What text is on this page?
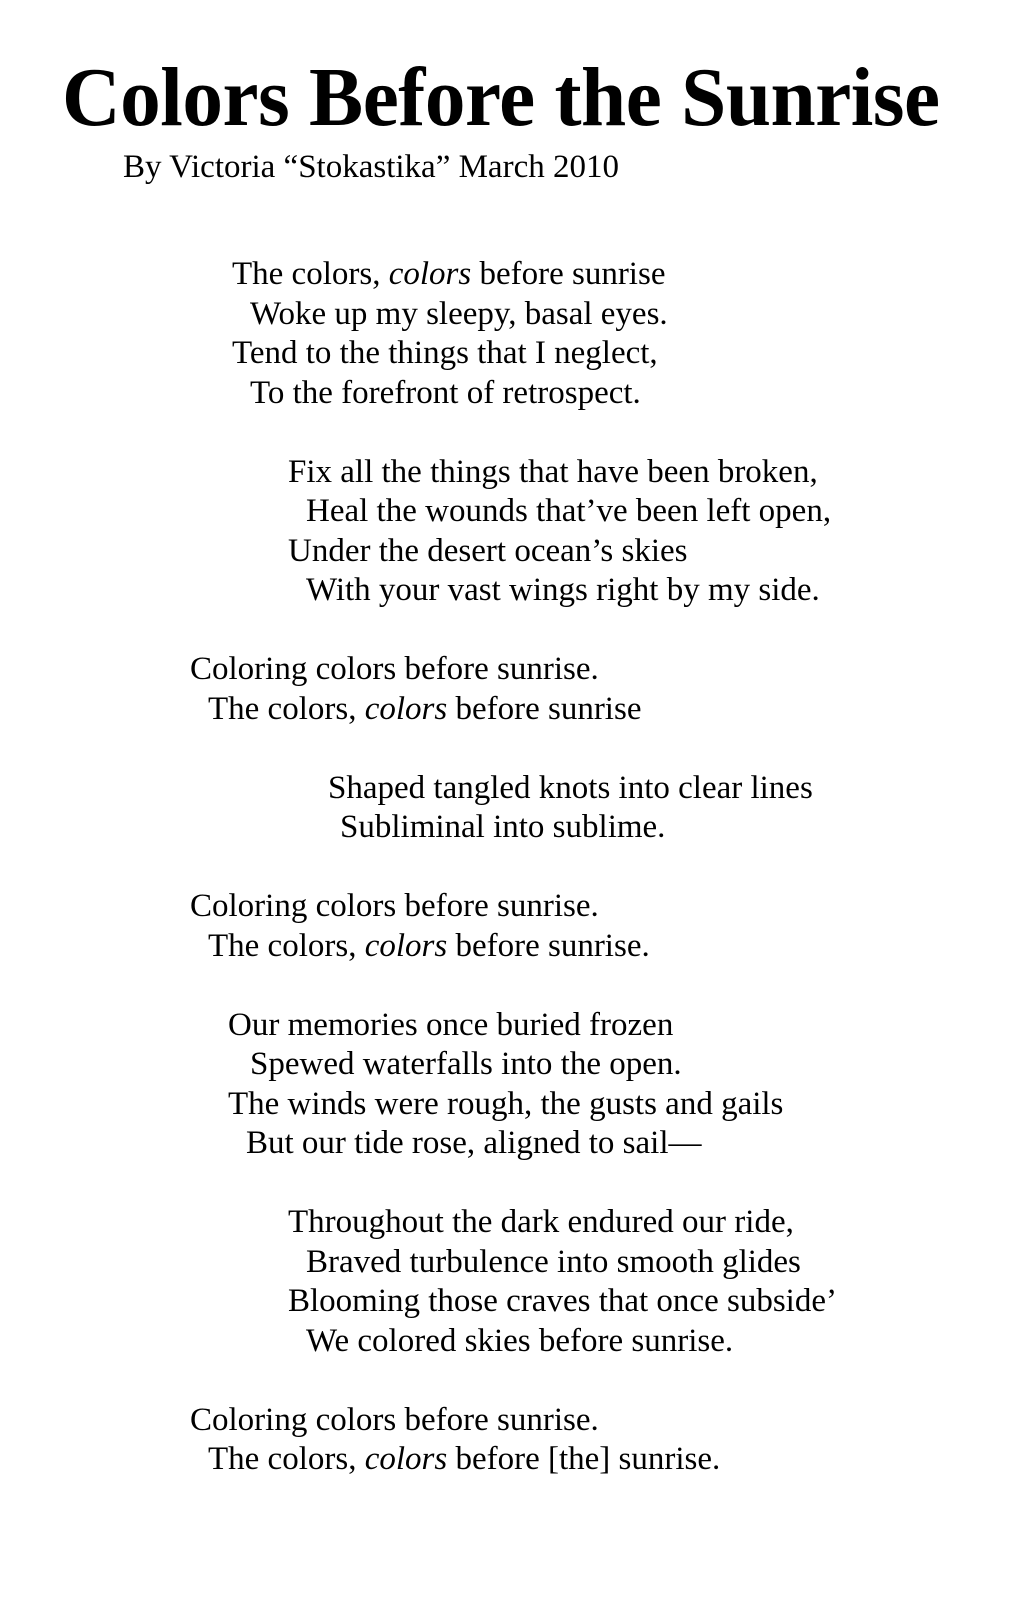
Colors Before the Sunrise
By Victoria “Stokastika” March 2010
The colors, colors before sunrise
Woke up my sleepy, basal eyes.
Tend to the things that I neglect,
To the forefront of retrospect.
Fix all the things that have been broken,
Heal the wounds that’ve been left open,
Under the desert ocean’s skies
With your vast wings right by my side.
Coloring colors before sunrise.
The colors, colors before sunrise
Shaped tangled knots into clear lines
Subliminal into sublime.
Coloring colors before sunrise.
The colors, colors before sunrise.
Our memories once buried frozen
Spewed waterfalls into the open.
The winds were rough, the gusts and gails
But our tide rose, aligned to sail—
Throughout the dark endured our ride,
Braved turbulence into smooth glides
Blooming those craves that once subside’
We colored skies before sunrise.
Coloring colors before sunrise.
The colors, colors before [the] sunrise.
